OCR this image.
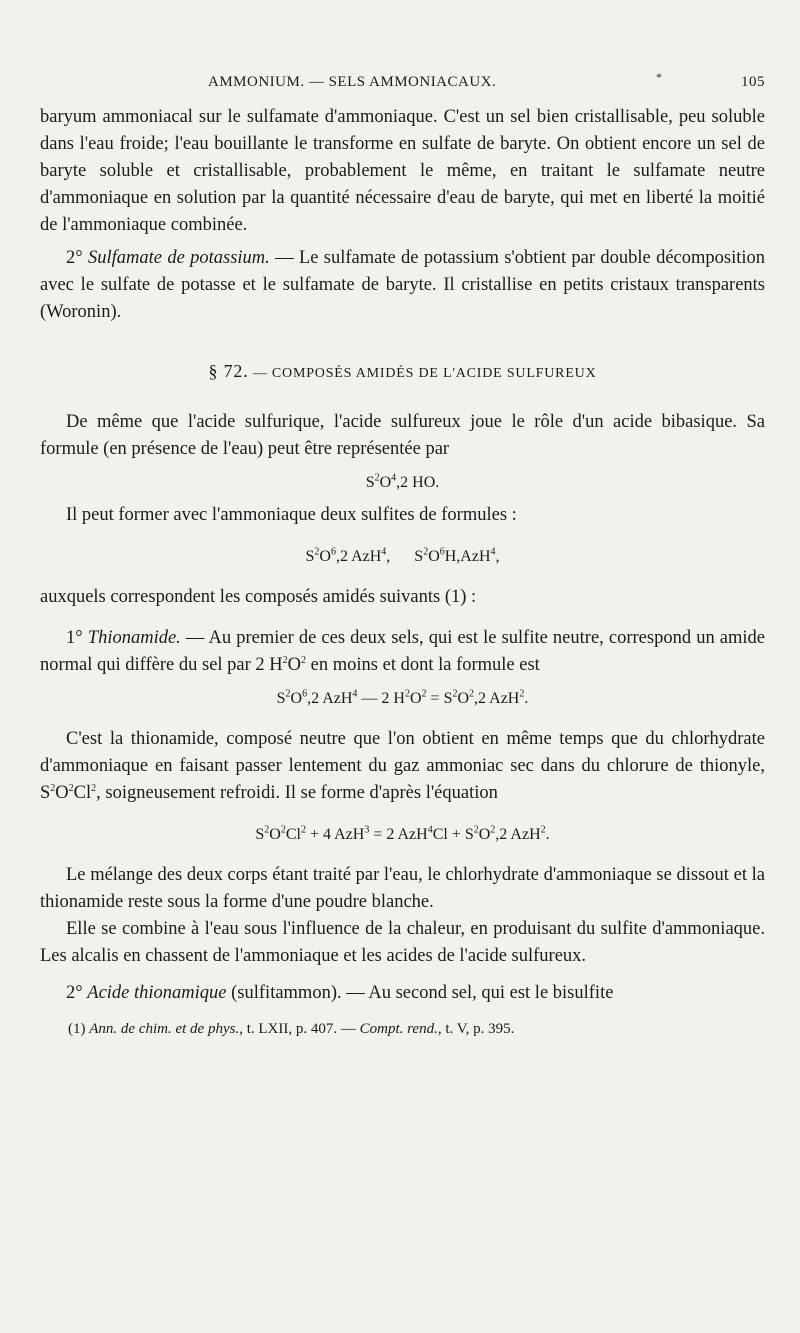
AMMONIUM. — SELS AMMONIACAUX.	*	105

baryum ammoniacal sur le sulfamate d'ammoniaque. C'est un sel bien cristallisable, peu soluble dans l'eau froide; l'eau bouillante le transforme en sulfate de baryte. On obtient encore un sel de baryte soluble et cristallisable, probablement le même, en traitant le sulfamate neutre d'ammoniaque en solution par la quantité nécessaire d'eau de baryte, qui met en liberté la moitié de l'ammoniaque combinée.

2° Sulfamate de potassium. — Le sulfamate de potassium s'obtient par double décomposition avec le sulfate de potasse et le sulfamate de baryte. Il cristallise en petits cristaux transparents (Woronin).

§ 72. — COMPOSÉS AMIDÉS DE L'ACIDE SULFUREUX

De même que l'acide sulfurique, l'acide sulfureux joue le rôle d'un acide bibasique. Sa formule (en présence de l'eau) peut être représentée par

$S^2O^4,2$ HO.

Il peut former avec l'ammoniaque deux sulfites de formules :

$S^2O^6,2$ AzH$^4$, $S^2O^6H,AzH^4$,

auxquels correspondent les composés amidés suivants (1) :

1° Thionamide. — Au premier de ces deux sels, qui est le sulfite neutre, correspond un amide normal qui diffère du sel par 2 $H^2O^2$ en moins et dont la formule est

$S^2O^6,2$ AzH$^4$ — 2 $H^2O^2 = S^2O^2,2$ AzH$^2$.

C'est la thionamide, composé neutre que l'on obtient en même temps que du chlorhydrate d'ammoniaque en faisant passer lentement du gaz ammoniac sec dans du chlorure de thionyle, $S^2O^2Cl^2$, soigneusement refroidi. Il se forme d'après l'équation

$S^2O^2Cl^2 + 4$ AzH$^3$ = 2 $AzH^4Cl + S^2O^2,2$ AzH$^2$.

Le mélange des deux corps étant traité par l'eau, le chlorhydrate d'ammoniaque se dissout et la thionamide reste sous la forme d'une poudre blanche.

Elle se combine à l'eau sous l'influence de la chaleur, en produisant du sulfite d'ammoniaque. Les alcalis en chassent de l'ammoniaque et les acides de l'acide sulfureux.

2° Acide thionamique (sulfitammon). — Au second sel, qui est le bisulfite

(1) Ann. de chim. et de phys., t. LXII, p. 407. — Compt. rend., t. V, p. 395.
